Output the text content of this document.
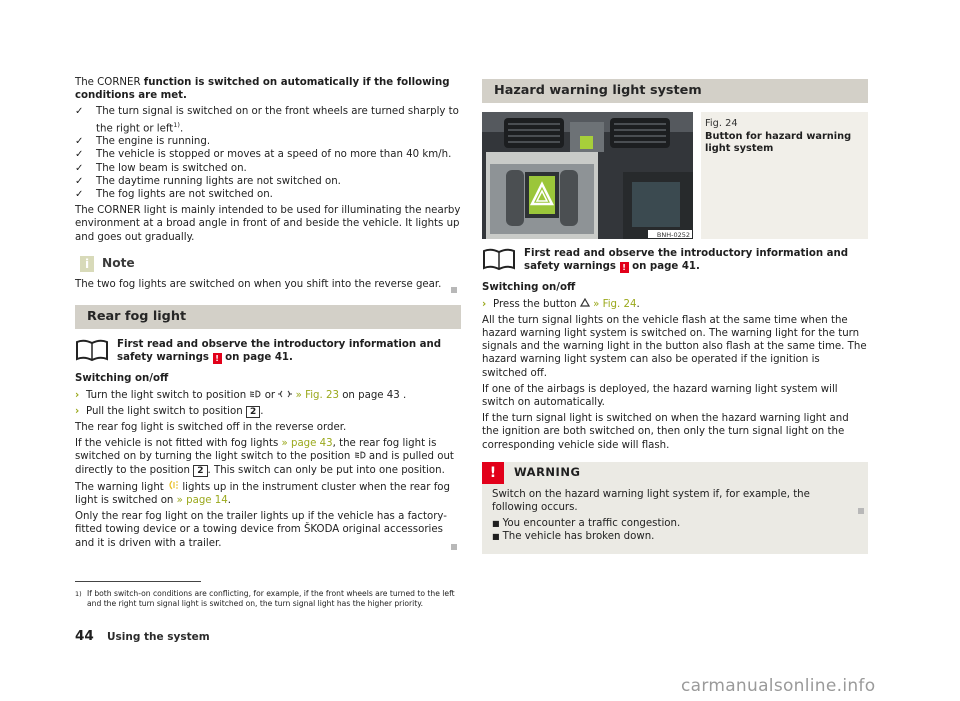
The CORNER function is switched on automatically if the following conditions are met.

✓ The turn signal is switched on or the front wheels are turned sharply to the right or left$^{1)}$.
✓ The engine is running.
✓ The vehicle is stopped or moves at a speed of no more than 40 km/h.
✓ The low beam is switched on.
✓ The daytime running lights are not switched on.
✓ The fog lights are not switched on.

The CORNER light is mainly intended to be used for illuminating the nearby environment at a broad angle in front of and beside the vehicle. It lights up and goes out gradually.

i	Note

The two fog lights are switched on when you shift into the reverse gear.

Rear fog light
First read and observe the introductory information and safety warnings ! on page 41.

Switching on/off

› Turn the light switch to position or » Fig. 23 on page 43 .

› Pull the light switch to position 2 .

The rear fog light is switched off in the reverse order.

If the vehicle is not fitted with fog lights » page 43, the rear fog light is switched on by turning the light switch to the position and is pulled out directly to the position 2 . This switch can only be put into one position.

The warning light lights up in the instrument cluster when the rear fog light is switched on » page 14.

Only the rear fog light on the trailer lights up if the vehicle has a factory-fitted towing device or a towing device from ŠKODA original accessories and it is driven with a trailer.

Hazard warning light system
BNH-0252
Fig. 24
Button for hazard warning light system
First read and observe the introductory information and safety warnings ! on page 41.

Switching on/off

› Press the button » Fig. 24.

All the turn signal lights on the vehicle flash at the same time when the hazard warning light system is switched on. The warning light for the turn signals and the warning light in the button also flash at the same time. The hazard warning light system can also be operated if the ignition is switched off.

If one of the airbags is deployed, the hazard warning light system will switch on automatically.

If the turn signal light is switched on when the hazard warning light and the ignition are both switched on, then only the turn signal light on the corresponding vehicle side will flash.

!	WARNING

Switch on the hazard warning light system if, for example, the following occurs.

■ You encounter a traffic congestion.

■ The vehicle has broken down.

1) If both switch-on conditions are conflicting, for example, if the front wheels are turned to the left and the right turn signal light is switched on, the turn signal light has the higher priority.
44 Using the system
carmanualsonline.info
